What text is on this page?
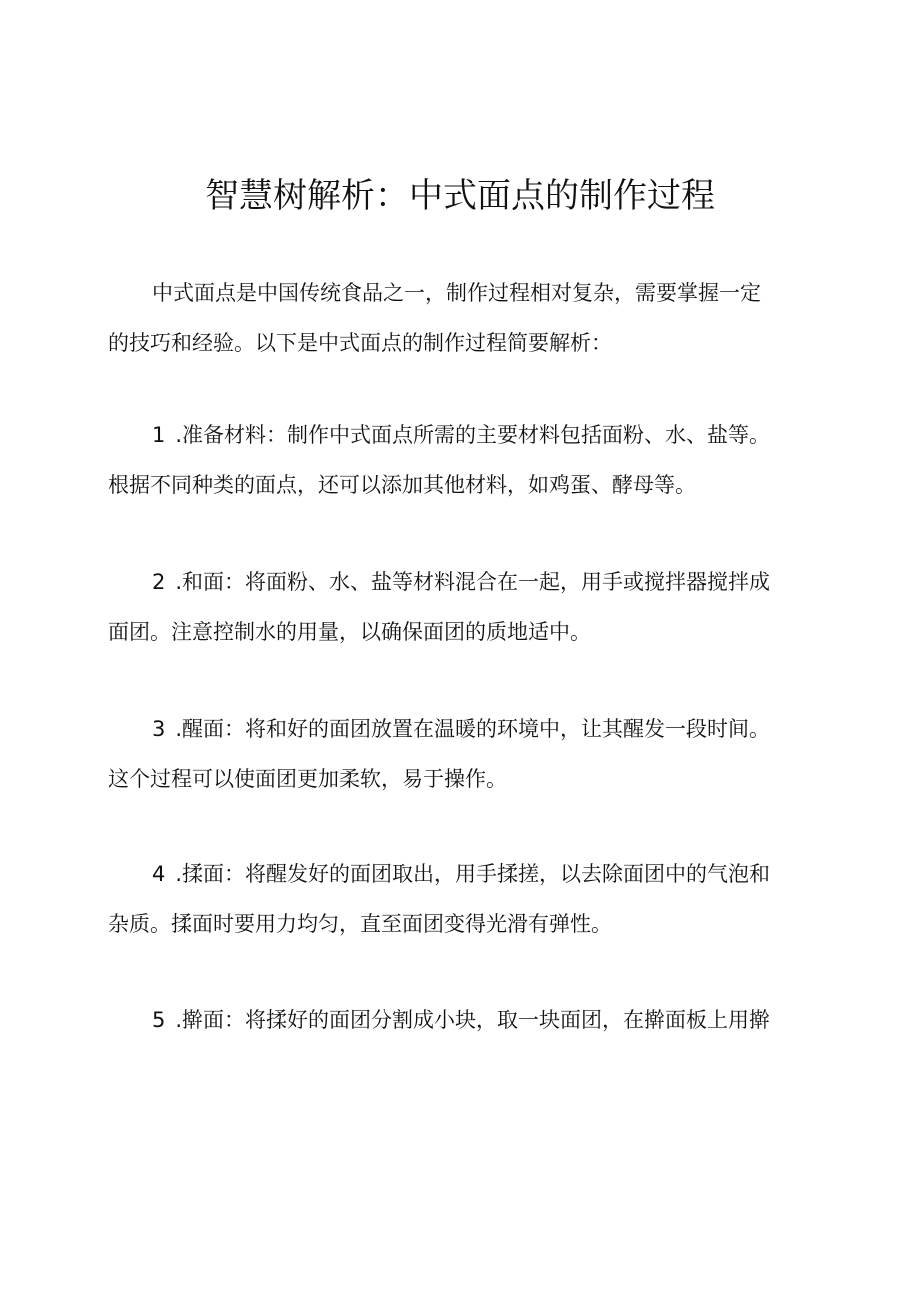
智慧树解析：中式面点的制作过程

中式面点是中国传统食品之一，制作过程相对复杂，需要掌握一定
的技巧和经验。以下是中式面点的制作过程简要解析：

1 .准备材料：制作中式面点所需的主要材料包括面粉、水、盐等。
根据不同种类的面点，还可以添加其他材料，如鸡蛋、酵母等。

2 .和面：将面粉、水、盐等材料混合在一起，用手或搅拌器搅拌成
面团。注意控制水的用量，以确保面团的质地适中。

3 .醒面：将和好的面团放置在温暖的环境中，让其醒发一段时间。
这个过程可以使面团更加柔软，易于操作。

4 .揉面：将醒发好的面团取出，用手揉搓，以去除面团中的气泡和
杂质。揉面时要用力均匀，直至面团变得光滑有弹性。

5 .擀面：将揉好的面团分割成小块，取一块面团，在擀面板上用擀
